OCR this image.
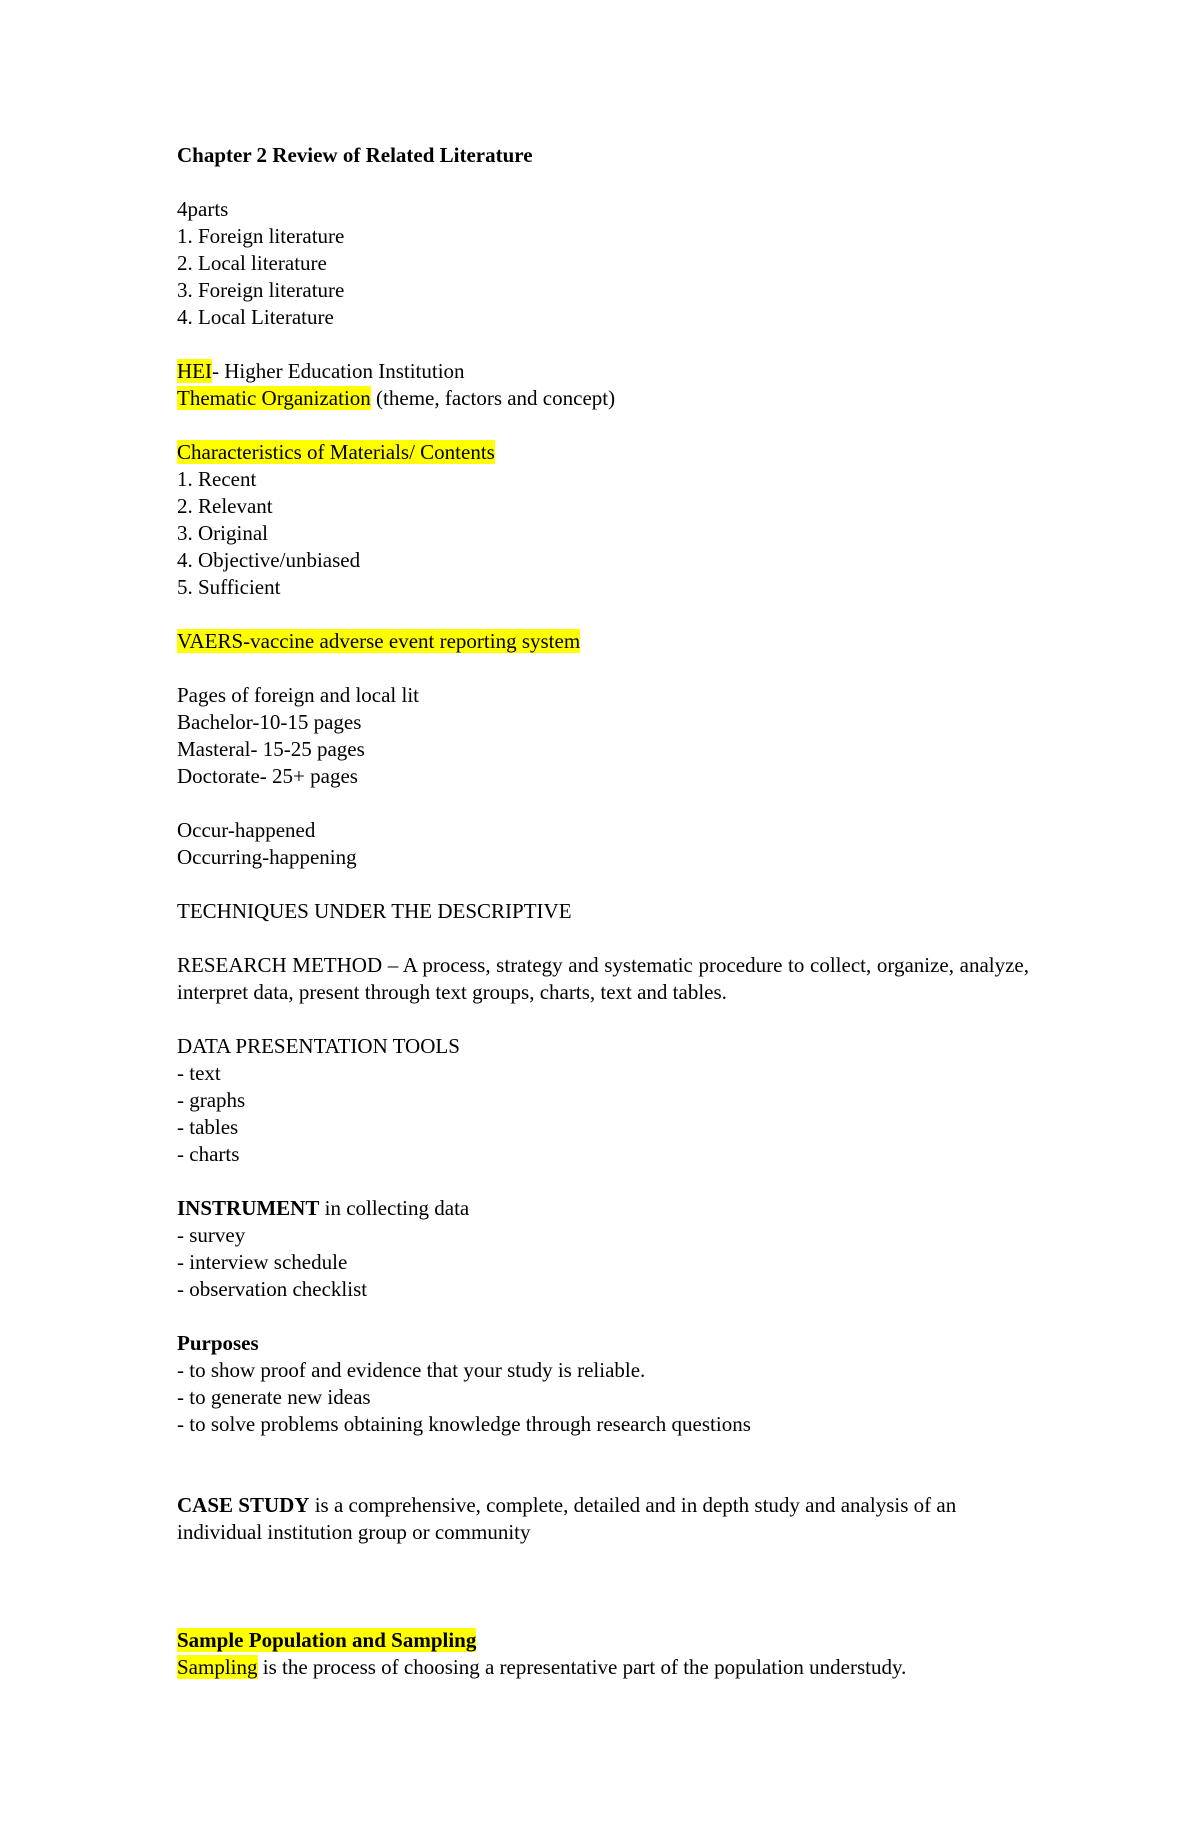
Chapter 2 Review of Related Literature

4parts

1. Foreign literature

2. Local literature

3. Foreign literature

4. Local Literature

HEI- Higher Education Institution

Thematic Organization (theme, factors and concept)

Characteristics of Materials/ Contents

1. Recent

2. Relevant

3. Original

4. Objective/unbiased

5. Sufficient

VAERS-vaccine adverse event reporting system

Pages of foreign and local lit

Bachelor-10-15 pages

Masteral- 15-25 pages

Doctorate- 25+ pages

Occur-happened

Occurring-happening

TECHNIQUES UNDER THE DESCRIPTIVE

RESEARCH METHOD – A process, strategy and systematic procedure to collect, organize, analyze, interpret data, present through text groups, charts, text and tables.

DATA PRESENTATION TOOLS

- text

- graphs

- tables

- charts

INSTRUMENT in collecting data

- survey

- interview schedule

- observation checklist

Purposes

- to show proof and evidence that your study is reliable.

- to generate new ideas

- to solve problems obtaining knowledge through research questions

CASE STUDY is a comprehensive, complete, detailed and in depth study and analysis of an individual institution group or community

Sample Population and Sampling

Sampling is the process of choosing a representative part of the population understudy.
